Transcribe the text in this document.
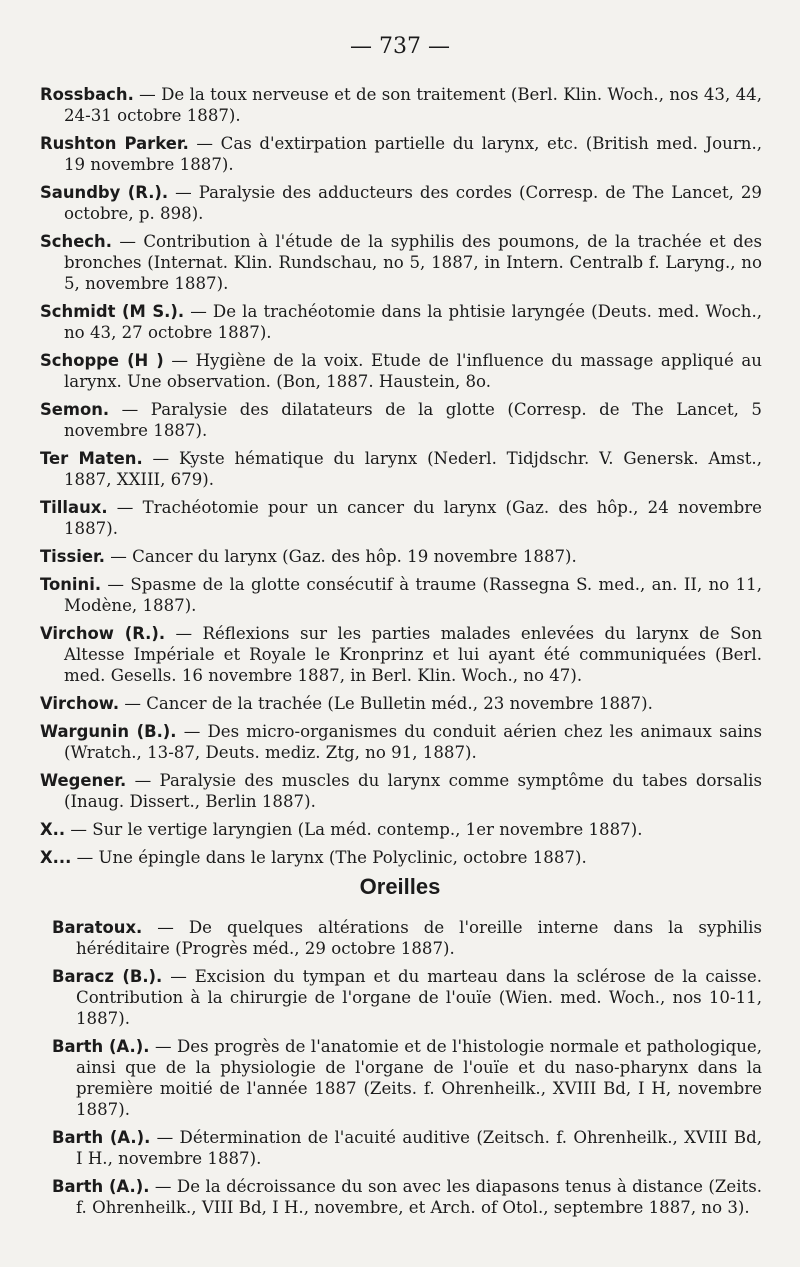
— 737 —

Rossbach. — De la toux nerveuse et de son traitement (Berl. Klin. Woch., nos 43, 44, 24-31 octobre 1887).

Rushton Parker. — Cas d'extirpation partielle du larynx, etc. (British med. Journ., 19 novembre 1887).

Saundby (R.). — Paralysie des adducteurs des cordes (Corresp. de The Lancet, 29 octobre, p. 898).

Schech. — Contribution à l'étude de la syphilis des poumons, de la trachée et des bronches (Internat. Klin. Rundschau, no 5, 1887, in Intern. Centralb f. Laryng., no 5, novembre 1887).

Schmidt (M S.). — De la trachéotomie dans la phtisie laryngée (Deuts. med. Woch., no 43, 27 octobre 1887).

Schoppe (H ) — Hygiène de la voix. Etude de l'influence du massage appliqué au larynx. Une observation. (Bon, 1887. Haustein, 8o.

Semon. — Paralysie des dilatateurs de la glotte (Corresp. de The Lancet, 5 novembre 1887).

Ter Maten. — Kyste hématique du larynx (Nederl. Tidjdschr. V. Genersk. Amst., 1887, XXIII, 679).

Tillaux. — Trachéotomie pour un cancer du larynx (Gaz. des hôp., 24 novembre 1887).

Tissier. — Cancer du larynx (Gaz. des hôp. 19 novembre 1887).

Tonini. — Spasme de la glotte consécutif à traume (Rassegna S. med., an. II, no 11, Modène, 1887).

Virchow (R.). — Réflexions sur les parties malades enlevées du larynx de Son Altesse Impériale et Royale le Kronprinz et lui ayant été communiquées (Berl. med. Gesells. 16 novembre 1887, in Berl. Klin. Woch., no 47).

Virchow. — Cancer de la trachée (Le Bulletin méd., 23 novembre 1887).

Wargunin (B.). — Des micro-organismes du conduit aérien chez les animaux sains (Wratch., 13-87, Deuts. mediz. Ztg, no 91, 1887).

Wegener. — Paralysie des muscles du larynx comme symptôme du tabes dorsalis (Inaug. Dissert., Berlin 1887).

X.. — Sur le vertige laryngien (La méd. contemp., 1er novembre 1887).

X... — Une épingle dans le larynx (The Polyclinic, octobre 1887).

Oreilles

Baratoux. — De quelques altérations de l'oreille interne dans la syphilis héréditaire (Progrès méd., 29 octobre 1887).

Baracz (B.). — Excision du tympan et du marteau dans la sclérose de la caisse. Contribution à la chirurgie de l'organe de l'ouïe (Wien. med. Woch., nos 10-11, 1887).

Barth (A.). — Des progrès de l'anatomie et de l'histologie normale et pathologique, ainsi que de la physiologie de l'organe de l'ouïe et du naso-pharynx dans la première moitié de l'année 1887 (Zeits. f. Ohrenheilk., XVIII Bd, I H, novembre 1887).

Barth (A.). — Détermination de l'acuité auditive (Zeitsch. f. Ohrenheilk., XVIII Bd, I H., novembre 1887).

Barth (A.). — De la décroissance du son avec les diapasons tenus à distance (Zeits. f. Ohrenheilk., VIII Bd, I H., novembre, et Arch. of Otol., septembre 1887, no 3).
